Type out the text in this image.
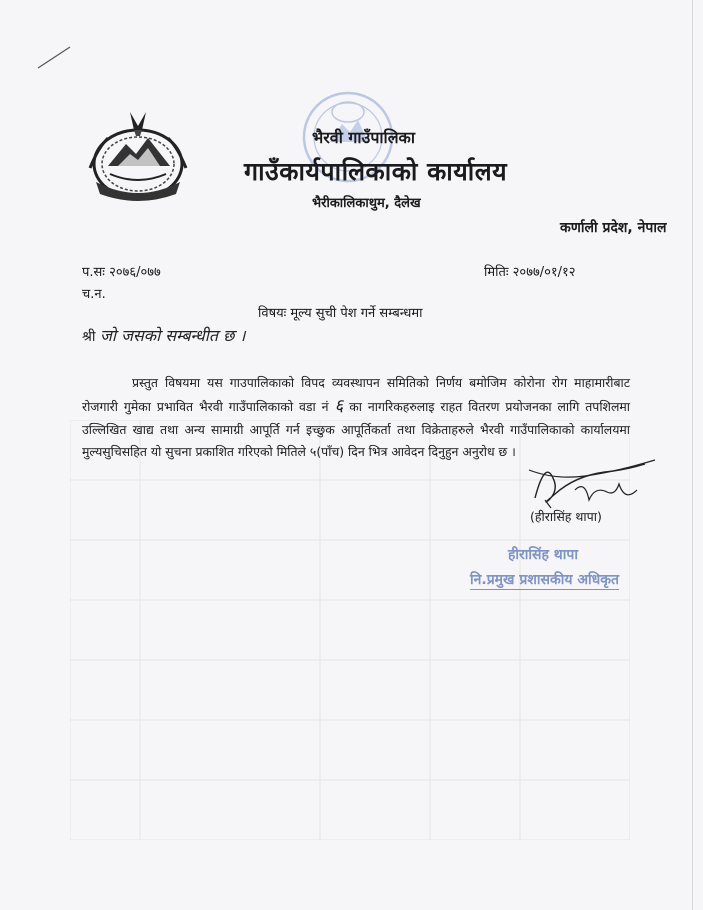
भैरवी गाउँपालिका
गाउँकार्यपालिकाको कार्यालय
भैरीकालिकाथुम, दैलेख
कर्णाली प्रदेश, नेपाल
प.सः २०७६/०७७	मितिः २०७७/०१/१२
च.न.
विषयः मूल्य सुची पेश गर्ने सम्बन्धमा
श्री जो जसको सम्बन्धीत छ ।
प्रस्तुत विषयमा यस गाउपालिकाको विपद व्यवस्थापन समितिको निर्णय बमोजिम कोरोना रोग माहामारीबाट रोजगारी गुमेका प्रभावित भैरवी गाउँपालिकाको वडा नं ६ का नागरिकहरुलाइ राहत वितरण प्रयोजनका लागि तपशिलमा उल्लिखित खाद्य तथा अन्य सामाग्री आपूर्ति गर्न इच्छुक आपूर्तिकर्ता तथा विक्रेताहरुले भैरवी गाउँपालिकाको कार्यालयमा मुल्यसुचिसहित यो सुचना प्रकाशित गरिएको मितिले ५(पाँच) दिन भित्र आवेदन दिनुहुन अनुरोध छ ।
(हीरासिंह थापा)
हीरासिंह थापा
नि.प्रमुख प्रशासकीय अधिकृत
